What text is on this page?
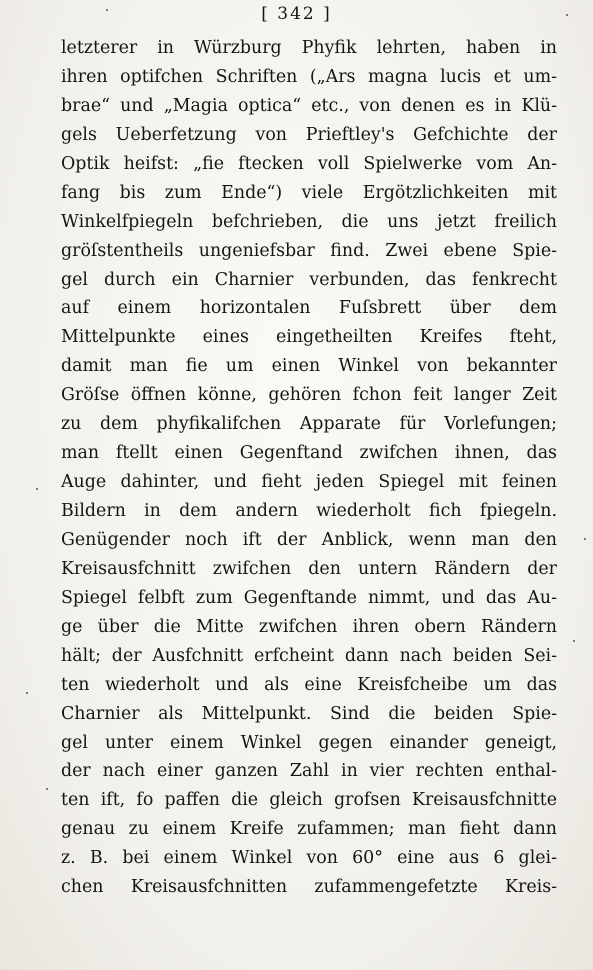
[ 342 ]
letzterer in Würzburg Phyfik lehrten, haben in
ihren optifchen Schriften („Ars magna lucis et um-
brae“ und „Magia optica“ etc., von denen es in Klü-
gels Ueberfetzung von Prieftley's Gefchichte der
Optik heifst: „fie ftecken voll Spielwerke vom An-
fang bis zum Ende“) viele Ergötzlichkeiten mit
Winkelfpiegeln befchrieben, die uns jetzt freilich
gröſstentheils ungeniefsbar find. Zwei ebene Spie-
gel durch ein Charnier verbunden, das fenkrecht
auf einem horizontalen Fuſsbrett über dem
Mittelpunkte eines eingetheilten Kreifes fteht,
damit man fie um einen Winkel von bekannter
Gröſse öffnen könne, gehören fchon feit langer Zeit
zu dem phyfikalifchen Apparate für Vorlefungen;
man ftellt einen Gegenftand zwifchen ihnen, das
Auge dahinter, und fieht jeden Spiegel mit feinen
Bildern in dem andern wiederholt fich fpiegeln.
Genügender noch ift der Anblick, wenn man den
Kreisausfchnitt zwifchen den untern Rändern der
Spiegel felbft zum Gegenftande nimmt, und das Au-
ge über die Mitte zwifchen ihren obern Rändern
hält; der Ausfchnitt erfcheint dann nach beiden Sei-
ten wiederholt und als eine Kreisfcheibe um das
Charnier als Mittelpunkt. Sind die beiden Spie-
gel unter einem Winkel gegen einander geneigt,
der nach einer ganzen Zahl in vier rechten enthal-
ten ift, fo paffen die gleich grofsen Kreisausfchnitte
genau zu einem Kreife zufammen; man fieht dann
z. B. bei einem Winkel von 60° eine aus 6 glei-
chen Kreisausfchnitten zufammengefetzte Kreis-
